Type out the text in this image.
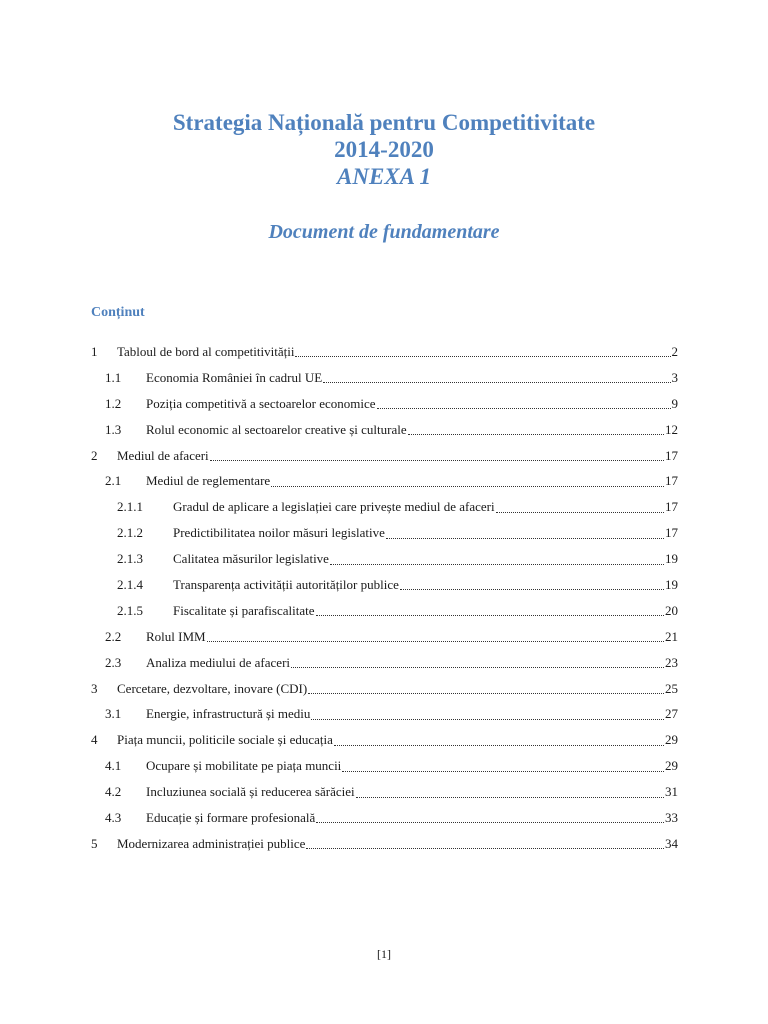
Strategia Națională pentru Competitivitate
2014-2020
ANEXA 1
Document de fundamentare
Conținut
1	Tabloul de bord al competitivității	2
1.1	Economia României în cadrul UE	3
1.2	Poziția competitivă a sectoarelor economice	9
1.3	Rolul economic al sectoarelor creative și culturale	12
2	Mediul de afaceri	17
2.1	Mediul de reglementare	17
2.1.1	Gradul de aplicare a legislației care privește mediul de afaceri	17
2.1.2	Predictibilitatea noilor măsuri legislative	17
2.1.3	Calitatea măsurilor legislative	19
2.1.4	Transparența activității autorităților publice	19
2.1.5	Fiscalitate și parafiscalitate	20
2.2	Rolul IMM	21
2.3	Analiza mediului de afaceri	23
3	Cercetare, dezvoltare, inovare (CDI)	25
3.1	Energie, infrastructură și mediu	27
4	Piața muncii, politicile sociale și educația	29
4.1	Ocupare și mobilitate pe piața muncii	29
4.2	Incluziunea socială și reducerea sărăciei	31
4.3	Educație și formare profesională	33
5	Modernizarea administrației publice	34
[1]
